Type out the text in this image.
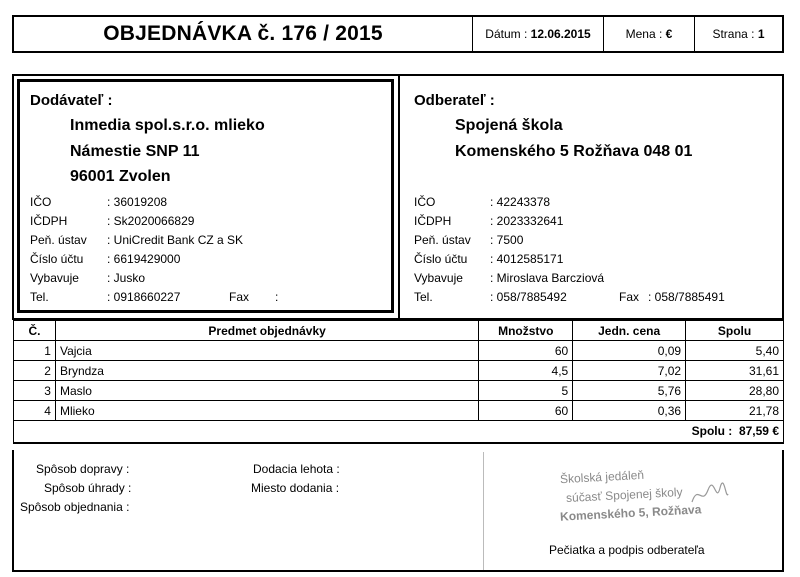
OBJEDNÁVKA č. 176 / 2015	Dátum :
12.06.2015	Mena :
€	Strana :
1
Dodávateľ :
Inmedia spol.s.r.o. mlieko
Námestie SNP 11
96001 Zvolen
IČO	: 36019208
IČDPH	: Sk2020066829
Peň. ústav : UniCredit Bank CZ a SK
Číslo účtu : 6619429000
Vybavuje : Jusko
Tel.	: 0918660227	Fax :
Odberateľ :
Spojená škola
Komenského 5 Rožňava 048 01
IČO	: 42243378
IČDPH	: 2023332641
Peň. ústav : 7500
Číslo účtu : 4012585171
Vybavuje : Miroslava Barcziová
Tel.	: 058/7885492	Fax : 058/7885491
Č.	Predmet objednávky	Množstvo	Jedn. cena	Spolu
1	Vajcia	60	0,09	5,40
2	Bryndza	4,5	7,02	31,61
3	Maslo	5	5,76	28,80
4	Mlieko	60	0,36	21,78
Spolu : 87,59 €				
Spôsob dopravy :
Spôsob úhrady :
Spôsob objednania :
Dodacia lehota :
Miesto dodania :
Školská jedáleň
súčasť Spojenej školy
Komenského 5, Rožňava
Pečiatka a podpis odberateľa
